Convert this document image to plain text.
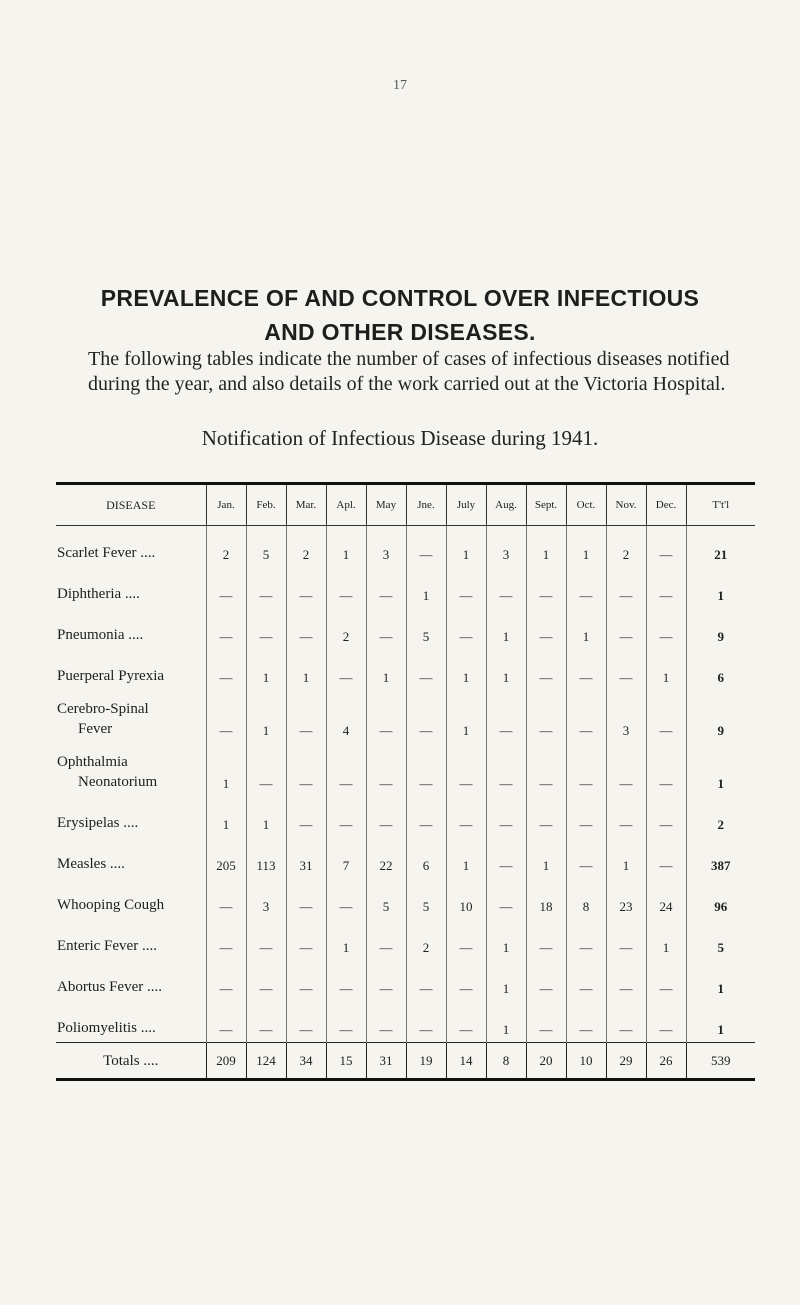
17
PREVALENCE OF AND CONTROL OVER INFECTIOUS
AND OTHER DISEASES.

The following tables indicate the number of cases of infectious diseases notified during the year, and also details of the work carried out at the Victoria Hospital.

Notification of Infectious Disease during 1941.
DISEASE	Jan.	Feb.	Mar.	Apl.	May	Jne.	July	Aug.	Sept.	Oct.	Nov.	Dec.	T't'l

Scarlet Fever ....	2	5	2	1	3	—	1	3	1	1	2	—	21

Diphtheria ....	—	—	—	—	—	1	—	—	—	—	—	—	1

Pneumonia ....	—	—	—	2	—	5	—	1	—	1	—	—	9

Puerperal Pyrexia	—	1	1	—	1	—	1	1	—	—	—	1	6

Cerebro-Spinal
Fever	—	1	—	4	—	—	1	—	—	—	3	—	9

Ophthalmia
Neonatorium	1	—	—	—	—	—	—	—	—	—	—	—	1

Erysipelas ....	1	1	—	—	—	—	—	—	—	—	—	—	2

Measles ....	205	113	31	7	22	6	1	—	1	—	1	—	387

Whooping Cough	—	3	—	—	5	5	10	—	18	8	23	24	96

Enteric Fever ....	—	—	—	1	—	2	—	1	—	—	—	1	5

Abortus Fever ....	—	—	—	—	—	—	—	1	—	—	—	—	1

Poliomyelitis ....	—	—	—	—	—	—	—	1	—	—	—	—	1
Totals ....	209	124	34	15	31	19	14	8	20	10	29	26	539
